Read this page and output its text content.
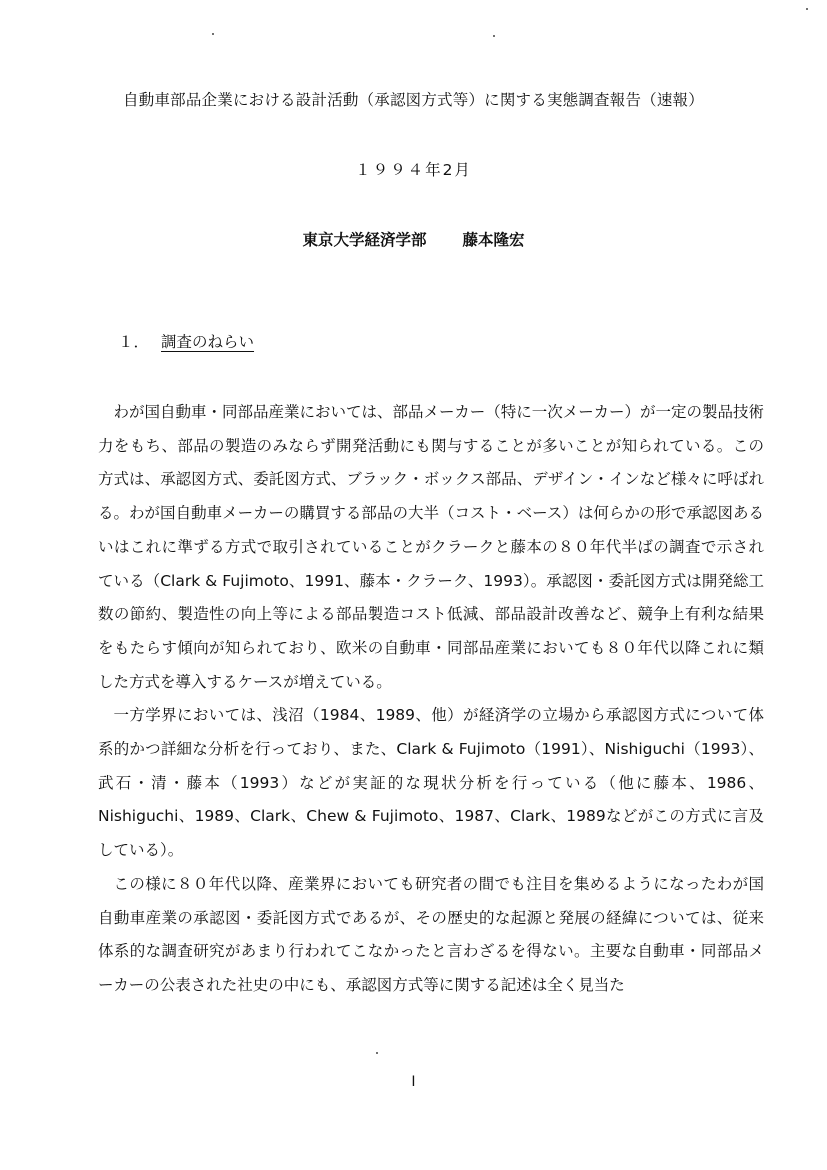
自動車部品企業における設計活動（承認図方式等）に関する実態調査報告（速報）
１９９４年2月
東京大学経済学部 藤本隆宏
１． 調査のねらい

わが国自動車・同部品産業においては、部品メーカー（特に一次メーカー）が一定の製品技術力をもち、部品の製造のみならず開発活動にも関与することが多いことが知られている。この方式は、承認図方式、委託図方式、ブラック・ボックス部品、デザイン・インなど様々に呼ばれる。わが国自動車メーカーの購買する部品の大半（コスト・ベース）は何らかの形で承認図あるいはこれに準ずる方式で取引されていることがクラークと藤本の８０年代半ばの調査で示されている（Clark & Fujimoto、1991、藤本・クラーク、1993）。承認図・委託図方式は開発総工数の節約、製造性の向上等による部品製造コスト低減、部品設計改善など、競争上有利な結果をもたらす傾向が知られており、欧米の自動車・同部品産業においても８０年代以降これに類した方式を導入するケースが増えている。

一方学界においては、浅沼（1984、1989、他）が経済学の立場から承認図方式について体系的かつ詳細な分析を行っており、また、Clark & Fujimoto（1991）、Nishiguchi（1993）、武石・清・藤本（1993）などが実証的な現状分析を行っている（他に藤本、1986、Nishiguchi、1989、Clark、Chew & Fujimoto、1987、Clark、1989などがこの方式に言及している）。

この様に８０年代以降、産業界においても研究者の間でも注目を集めるようになったわが国自動車産業の承認図・委託図方式であるが、その歴史的な起源と発展の経緯については、従来体系的な調査研究があまり行われてこなかったと言わざるを得ない。主要な自動車・同部品メーカーの公表された社史の中にも、承認図方式等に関する記述は全く見当た

I
